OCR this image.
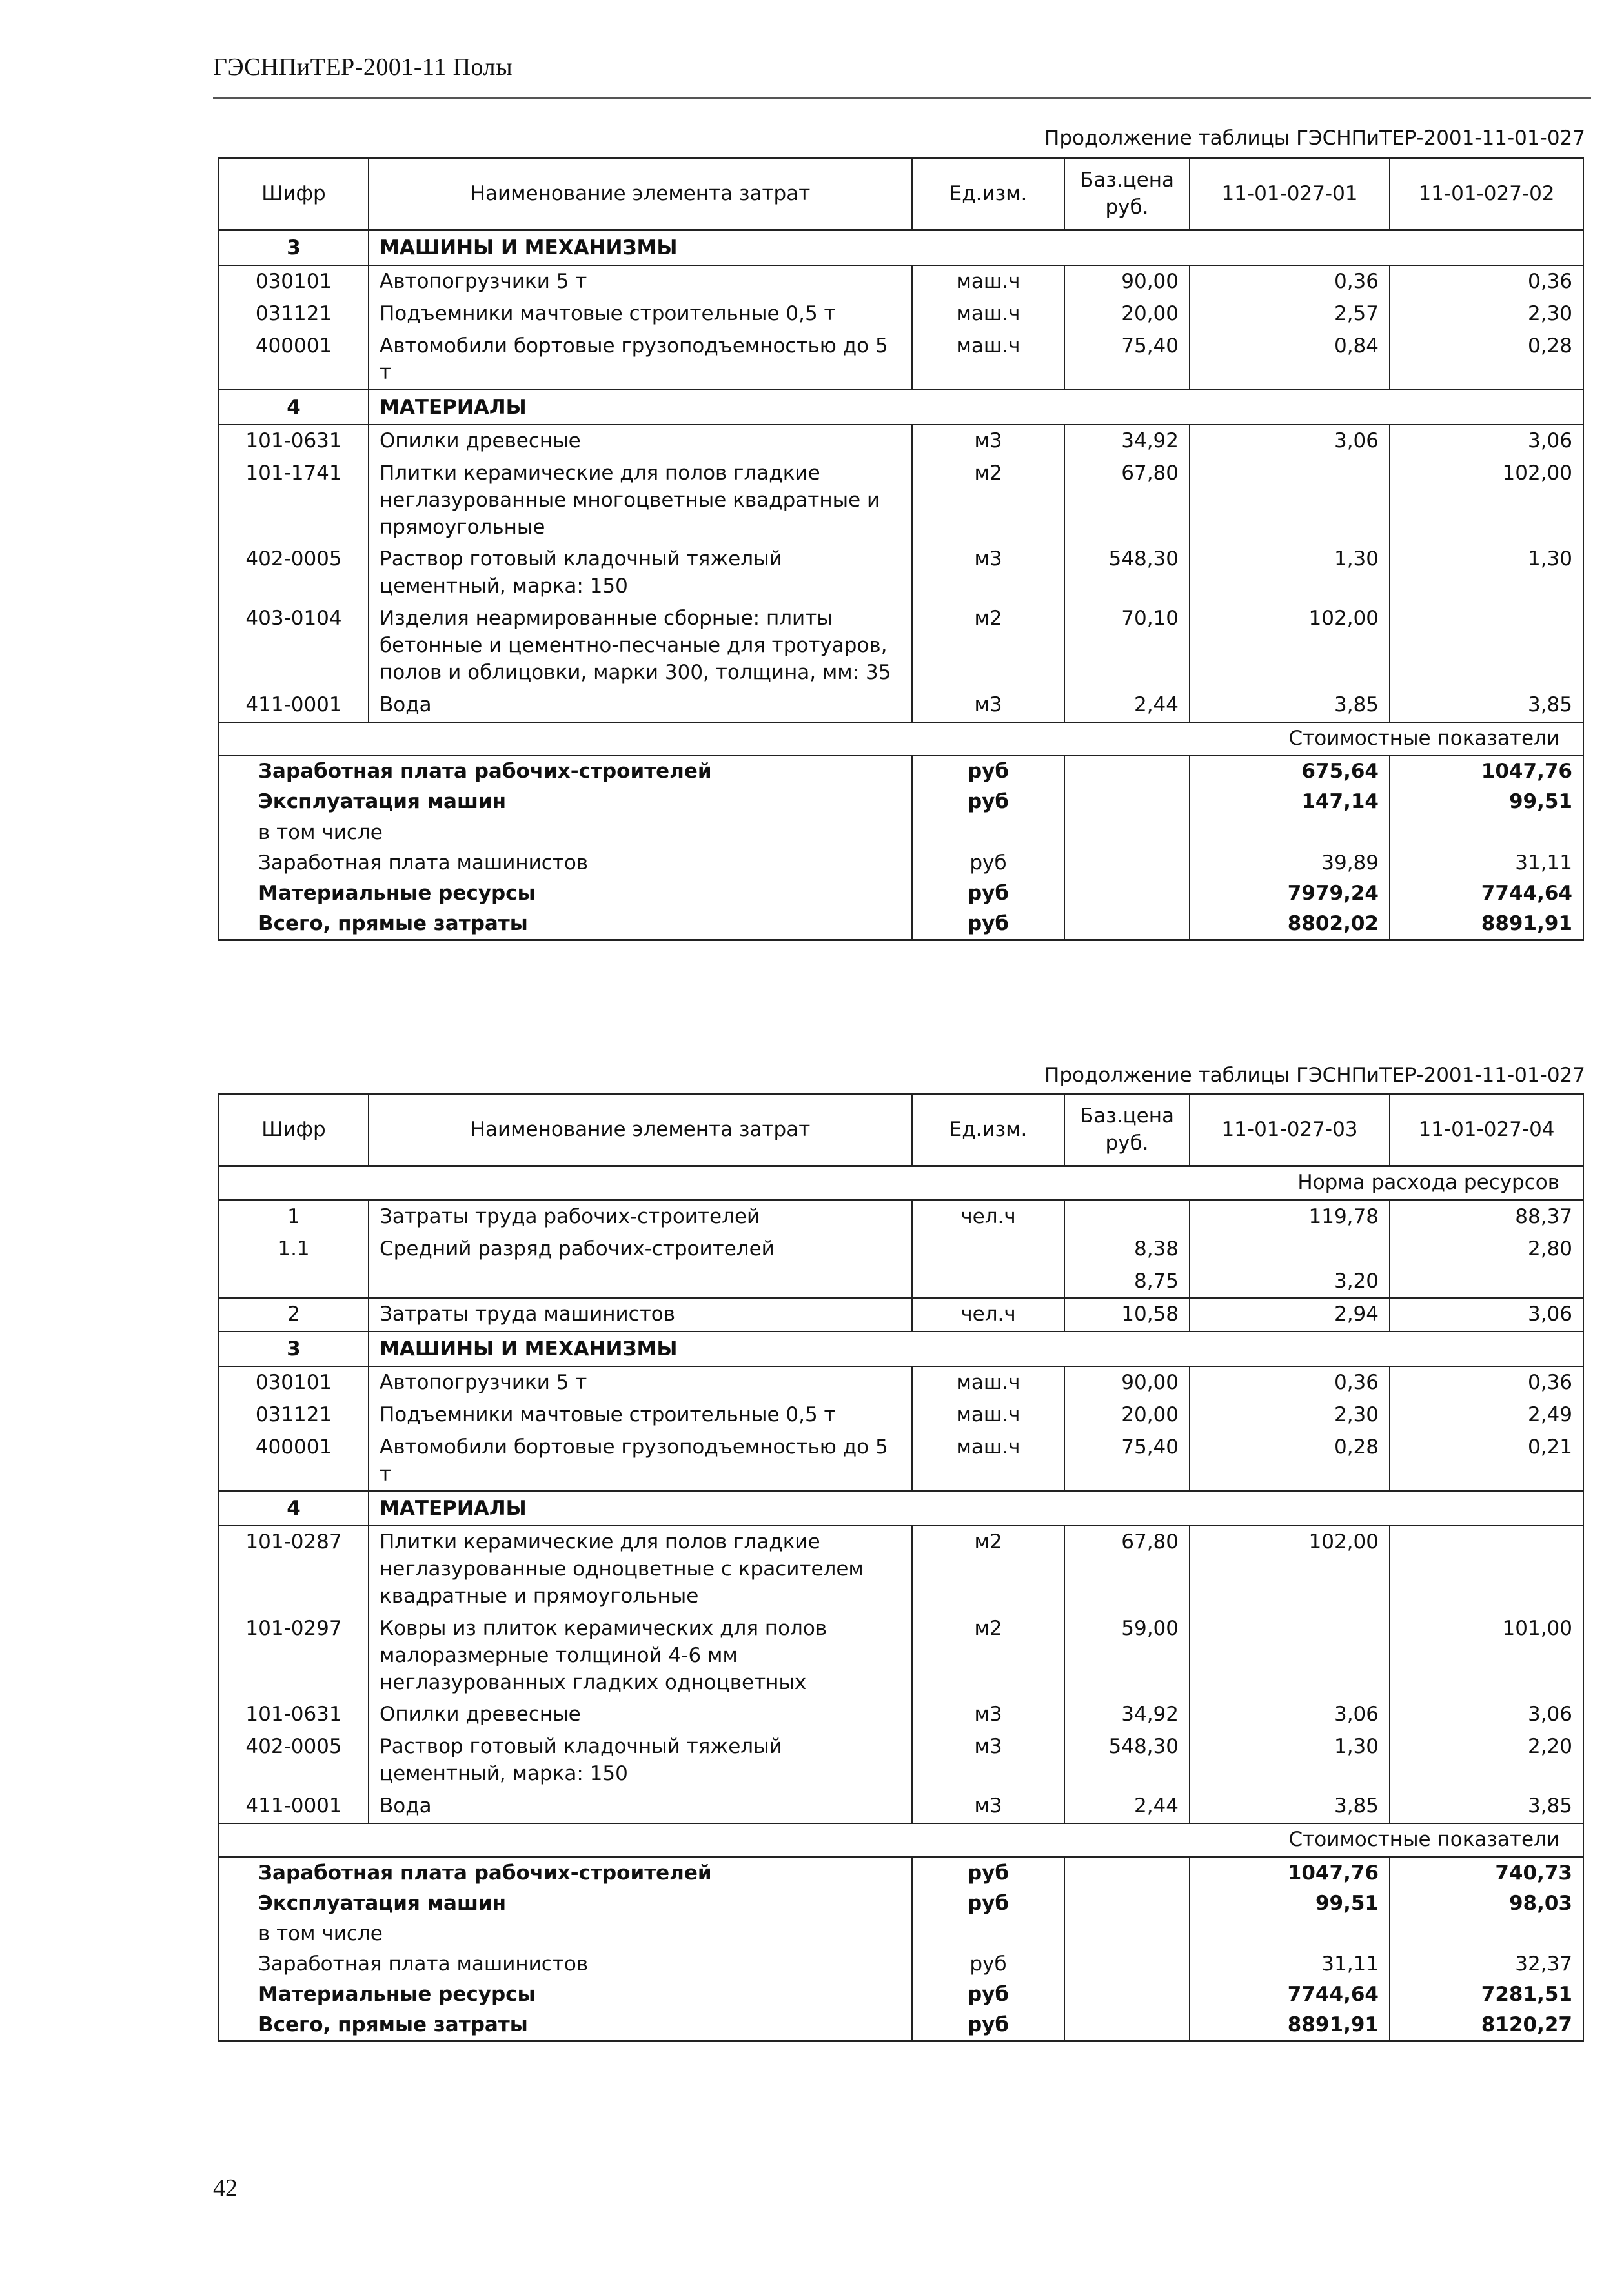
ГЭСНПиТЕР-2001-11 Полы
Продолжение таблицы ГЭСНПиТЕР-2001-11-01-027
Шифр	Наименование элемента затрат	Ед.изм.	Баз.цена руб.	11-01-027-01	11-01-027-02
3	МАШИНЫ И МЕХАНИЗМЫ				
030101	Автопогрузчики 5 т	маш.ч	90,00	0,36	0,36
031121	Подъемники мачтовые строительные 0,5 т	маш.ч	20,00	2,57	2,30
400001	Автомобили бортовые грузоподъемностью до 5 т	маш.ч	75,40	0,84	0,28
4	МАТЕРИАЛЫ				
101-0631	Опилки древесные	м3	34,92	3,06	3,06
101-1741	Плитки керамические для полов гладкие неглазурованные многоцветные квадратные и прямоугольные	м2	67,80		102,00
402-0005	Раствор готовый кладочный тяжелый цементный, марка: 150	м3	548,30	1,30	1,30
403-0104	Изделия неармированные сборные: плиты бетонные и цементно-песчаные для тротуаров, полов и облицовки, марки 300, толщина, мм: 35	м2	70,10	102,00	
411-0001	Вода	м3	2,44	3,85	3,85
Стоимостные показатели					
Заработная плата рабочих-строителей		руб		675,64	1047,76
Эксплуатация машин		руб		147,14	99,51
в том числе					
Заработная плата машинистов		руб		39,89	31,11
Материальные ресурсы		руб		7979,24	7744,64
Всего, прямые затраты		руб		8802,02	8891,91
Продолжение таблицы ГЭСНПиТЕР-2001-11-01-027
Шифр	Наименование элемента затрат	Ед.изм.	Баз.цена руб.	11-01-027-03	11-01-027-04
Норма расхода ресурсов					
1	Затраты труда рабочих-строителей	чел.ч		119,78	88,37
1.1	Средний разряд рабочих-строителей		8,38		2,80
			8,75	3,20	
2	Затраты труда машинистов	чел.ч	10,58	2,94	3,06
3	МАШИНЫ И МЕХАНИЗМЫ				
030101	Автопогрузчики 5 т	маш.ч	90,00	0,36	0,36
031121	Подъемники мачтовые строительные 0,5 т	маш.ч	20,00	2,30	2,49
400001	Автомобили бортовые грузоподъемностью до 5 т	маш.ч	75,40	0,28	0,21
4	МАТЕРИАЛЫ				
101-0287	Плитки керамические для полов гладкие неглазурованные одноцветные с красителем квадратные и прямоугольные	м2	67,80	102,00	
101-0297	Ковры из плиток керамических для полов малоразмерные толщиной 4-6 мм неглазурованных гладких одноцветных	м2	59,00		101,00
101-0631	Опилки древесные	м3	34,92	3,06	3,06
402-0005	Раствор готовый кладочный тяжелый цементный, марка: 150	м3	548,30	1,30	2,20
411-0001	Вода	м3	2,44	3,85	3,85
Стоимостные показатели					
Заработная плата рабочих-строителей		руб		1047,76	740,73
Эксплуатация машин		руб		99,51	98,03
в том числе					
Заработная плата машинистов		руб		31,11	32,37
Материальные ресурсы		руб		7744,64	7281,51
Всего, прямые затраты		руб		8891,91	8120,27
42
